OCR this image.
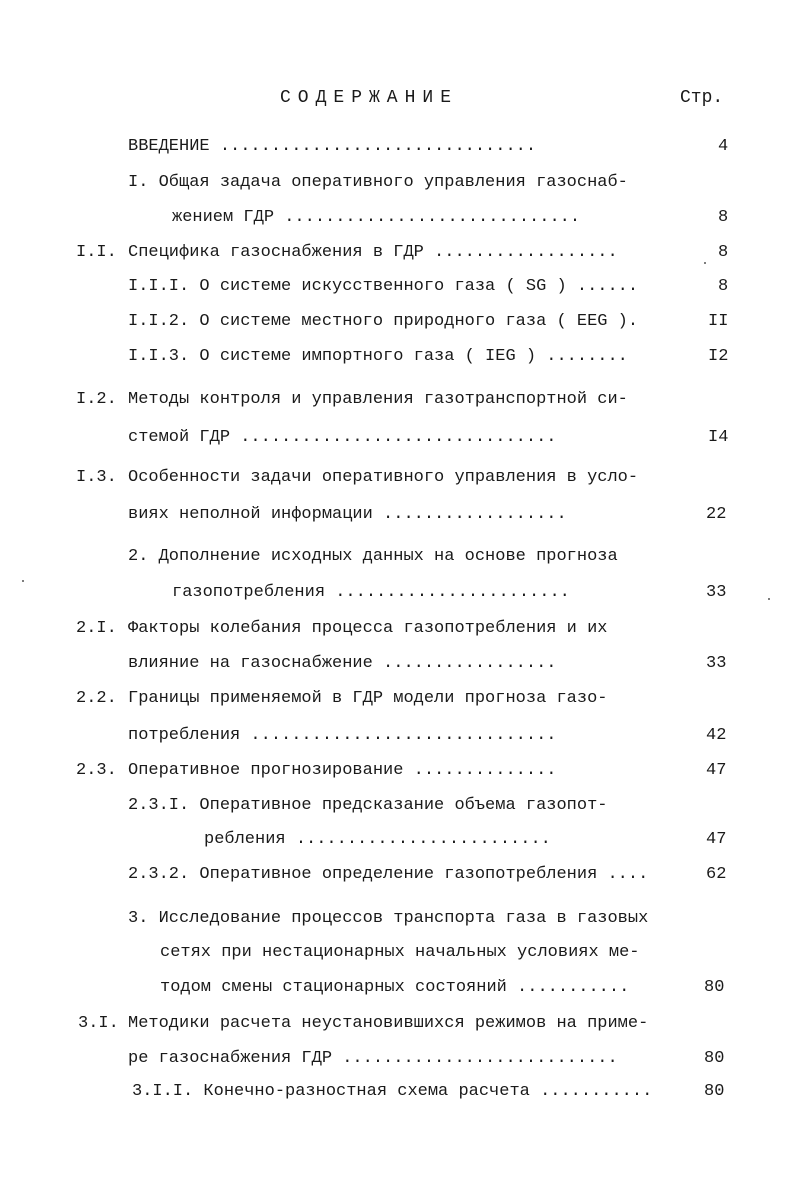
СОДЕРЖАНИЕ	Стр.
ВВЕДЕНИЕ ...............................	4
I. Общая задача оперативного управления газоснаб-
жением ГДР .............................	8
I.I. Специфика газоснабжения в ГДР ..................	8
I.I.I. О системе искусственного газа ( SG ) ......	8
I.I.2. О системе местного природного газа ( EEG ).	II
I.I.3. О системе импортного газа ( IEG ) ........	I2
I.2. Методы контроля и управления газотранспортной си-
стемой ГДР ...............................	I4
I.3. Особенности задачи оперативного управления в усло-
виях неполной информации ..................	22
2. Дополнение исходных данных на основе прогноза
газопотребления .......................	33
2.I. Факторы колебания процесса газопотребления и их
влияние на газоснабжение .................	33
2.2. Границы применяемой в ГДР модели прогноза газо-
потребления ..............................	42
2.3. Оперативное прогнозирование ..............	47
2.3.I. Оперативное предсказание объема газопот-
ребления .........................	47
2.3.2. Оперативное определение газопотребления ....	62
3. Исследование процессов транспорта газа в газовых
сетях при нестационарных начальных условиях ме-
тодом смены стационарных состояний ...........	80
3.I. Методики расчета неустановившихся режимов на приме-
ре газоснабжения ГДР ...........................	80
3.I.I. Конечно-разностная схема расчета ...........	80
